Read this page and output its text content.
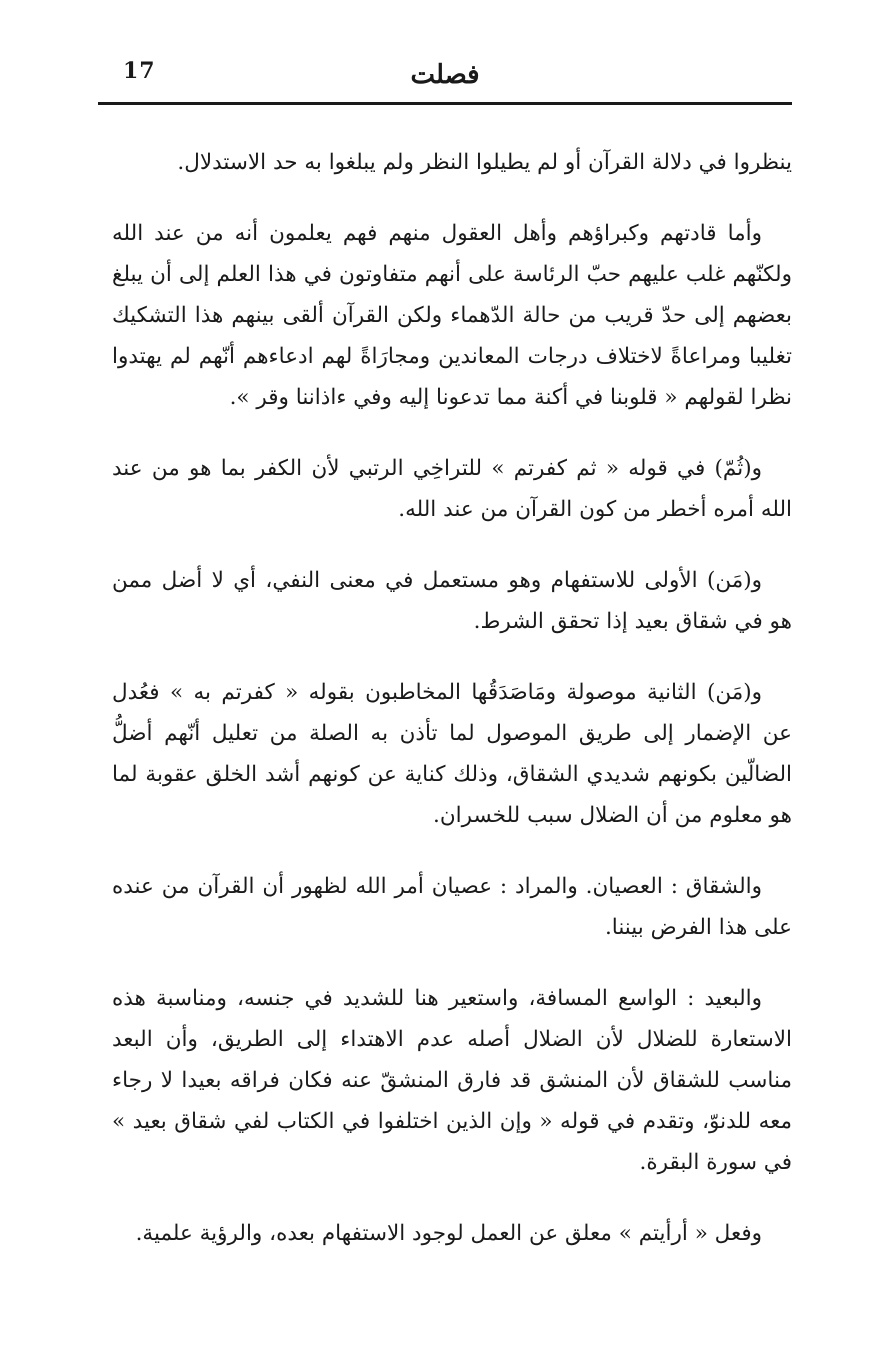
17	فصلت

ينظروا في دلالة القرآن أو لم يطيلوا النظر ولم يبلغوا به حد الاستدلال.

وأما قادتهم وكبراؤهم وأهل العقول منهم فهم يعلمون أنه من عند الله ولكنّهم غلب عليهم حبّ الرئاسة على أنهم متفاوتون في هذا العلم إلى أن يبلغ بعضهم إلى حدّ قريب من حالة الدّهماء ولكن القرآن ألقى بينهم هذا التشكيك تغليبا ومراعاةً لاختلاف درجات المعاندين ومجارَاةً لهم ادعاءهم أنّهم لم يهتدوا نظرا لقولهم « قلوبنا في أكنة مما تدعونا إليه وفي ءاذاننا وقر ».

و(ثُمّ) في قوله « ثم كفرتم » للتراخِي الرتبي لأن الكفر بما هو من عند الله أمره أخطر من كون القرآن من عند الله.

و(مَن) الأولى للاستفهام وهو مستعمل في معنى النفي، أي لا أضل ممن هو في شقاق بعيد إذا تحقق الشرط.

و(مَن) الثانية موصولة ومَاصَدَقُها المخاطبون بقوله « كفرتم به » فعُدل عن الإضمار إلى طريق الموصول لما تأذن به الصلة من تعليل أنّهم أضلُّ الضالّين بكونهم شديدي الشقاق، وذلك كناية عن كونهم أشد الخلق عقوبة لما هو معلوم من أن الضلال سبب للخسران.

والشقاق : العصيان. والمراد : عصيان أمر الله لظهور أن القرآن من عنده على هذا الفرض بيننا.

والبعيد : الواسع المسافة، واستعير هنا للشديد في جنسه، ومناسبة هذه الاستعارة للضلال لأن الضلال أصله عدم الاهتداء إلى الطريق، وأن البعد مناسب للشقاق لأن المنشق قد فارق المنشقّ عنه فكان فراقه بعيدا لا رجاء معه للدنوّ، وتقدم في قوله « وإن الذين اختلفوا في الكتاب لفي شقاق بعيد » في سورة البقرة.

وفعل « أرأيتم » معلق عن العمل لوجود الاستفهام بعده، والرؤية علمية.
